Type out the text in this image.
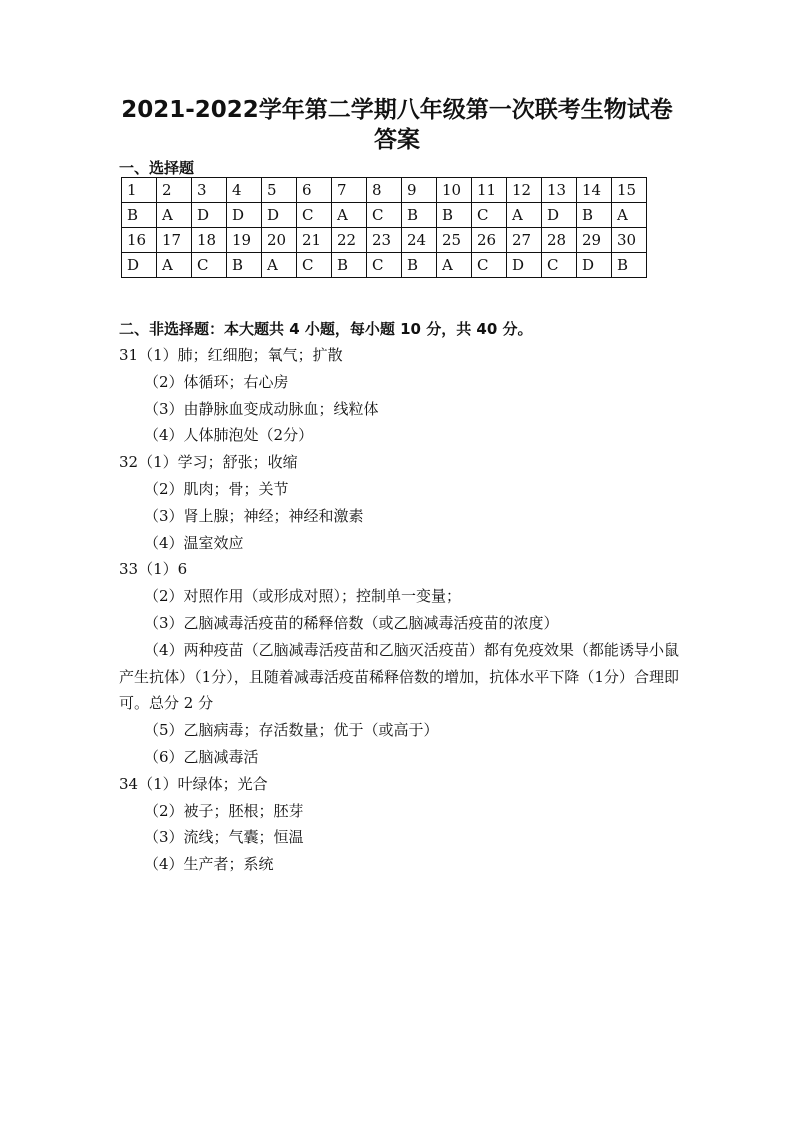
2021-2022学年第二学期八年级第一次联考生物试卷
答案
一、选择题
1	2	3	4	5	6	7	8	9	10	11	12	13	14	15
B	A	D	D	D	C	A	C	B	B	C	A	D	B	A
16	17	18	19	20	21	22	23	24	25	26	27	28	29	30
D	A	C	B	A	C	B	C	B	A	C	D	C	D	B
二、非选择题：本大题共 4 小题，每小题 10 分，共 40 分。
31（1）肺；红细胞；氧气；扩散
（2）体循环；右心房
（3）由静脉血变成动脉血；线粒体
（4）人体肺泡处（2分）
32（1）学习；舒张；收缩
（2）肌肉；骨；关节
（3）肾上腺；神经；神经和激素
（4）温室效应
33（1）6
（2）对照作用（或形成对照）；控制单一变量；
（3）乙脑减毒活疫苗的稀释倍数（或乙脑减毒活疫苗的浓度）
（4）两种疫苗（乙脑减毒活疫苗和乙脑灭活疫苗）都有免疫效果（都能诱导小鼠产生抗体）（1分），且随着减毒活疫苗稀释倍数的增加，抗体水平下降（1分）合理即可。总分 2 分
（5）乙脑病毒；存活数量；优于（或高于）
（6）乙脑减毒活
34（1）叶绿体；光合
（2）被子；胚根；胚芽
（3）流线；气囊；恒温
（4）生产者；系统
